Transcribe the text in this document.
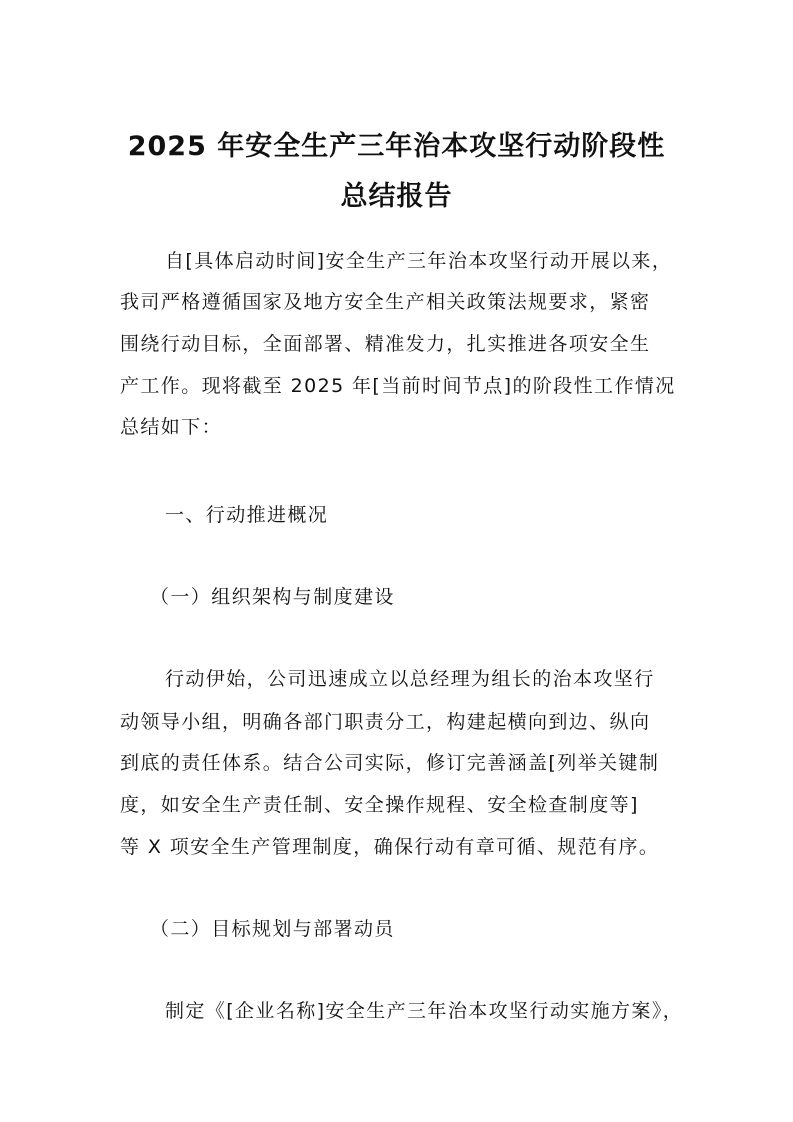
2025 年安全生产三年治本攻坚行动阶段性
总结报告
自[具体启动时间]安全生产三年治本攻坚行动开展以来，
我司严格遵循国家及地方安全生产相关政策法规要求，紧密
围绕行动目标，全面部署、精准发力，扎实推进各项安全生
产工作。现将截至 2025 年[当前时间节点]的阶段性工作情况
总结如下：
一、行动推进概况
（一）组织架构与制度建设
行动伊始，公司迅速成立以总经理为组长的治本攻坚行
动领导小组，明确各部门职责分工，构建起横向到边、纵向
到底的责任体系。结合公司实际，修订完善涵盖[列举关键制
度，如安全生产责任制、安全操作规程、安全检查制度等]
等 X 项安全生产管理制度，确保行动有章可循、规范有序。
（二）目标规划与部署动员
制定《[企业名称]安全生产三年治本攻坚行动实施方案》，
